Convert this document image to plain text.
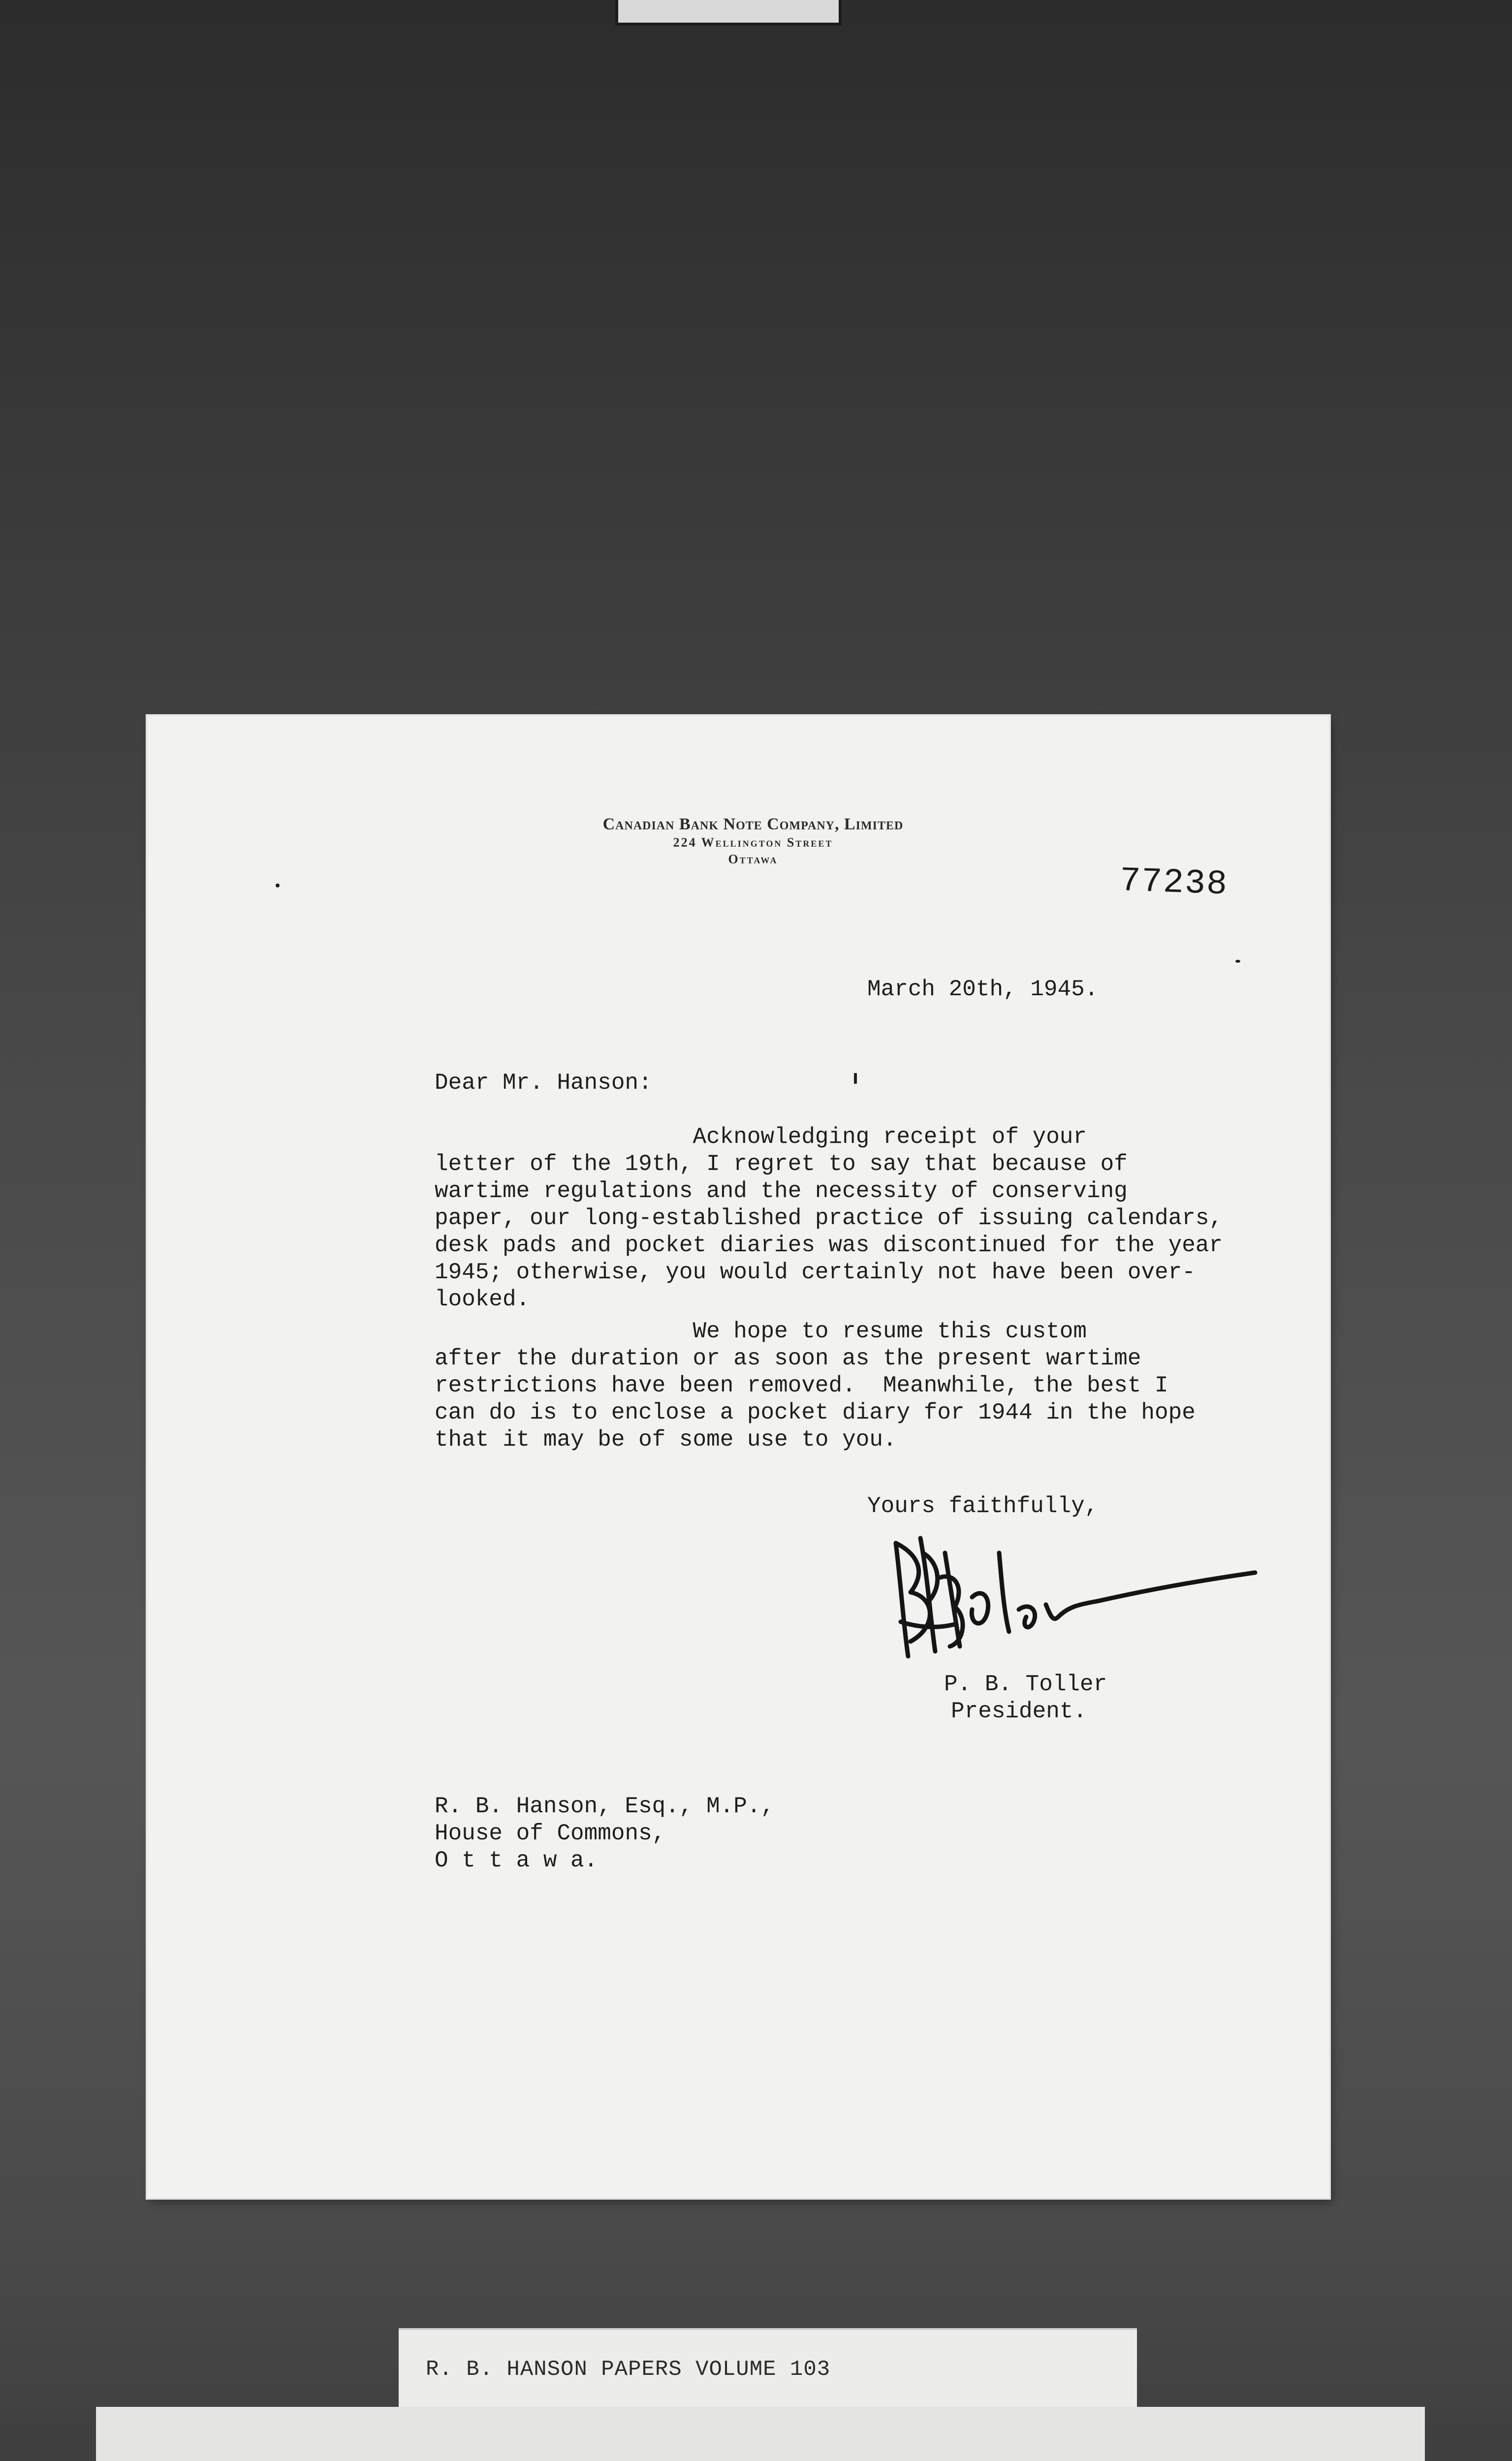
Canadian Bank Note Company, Limited
224 Wellington Street
Ottawa
77238
March 20th, 1945.
Dear Mr. Hanson:
Acknowledging receipt of your
letter of the 19th, I regret to say that because of
wartime regulations and the necessity of conserving
paper, our long-established practice of issuing calendars,
desk pads and pocket diaries was discontinued for the year
1945; otherwise, you would certainly not have been over-
looked.
We hope to resume this custom
after the duration or as soon as the present wartime
restrictions have been removed.  Meanwhile, the best I
can do is to enclose a pocket diary for 1944 in the hope
that it may be of some use to you.
Yours faithfully,
P. B. Toller
President.
R. B. Hanson, Esq., M.P.,
House of Commons,
O t t a w a.
R. B. HANSON PAPERS VOLUME 103
